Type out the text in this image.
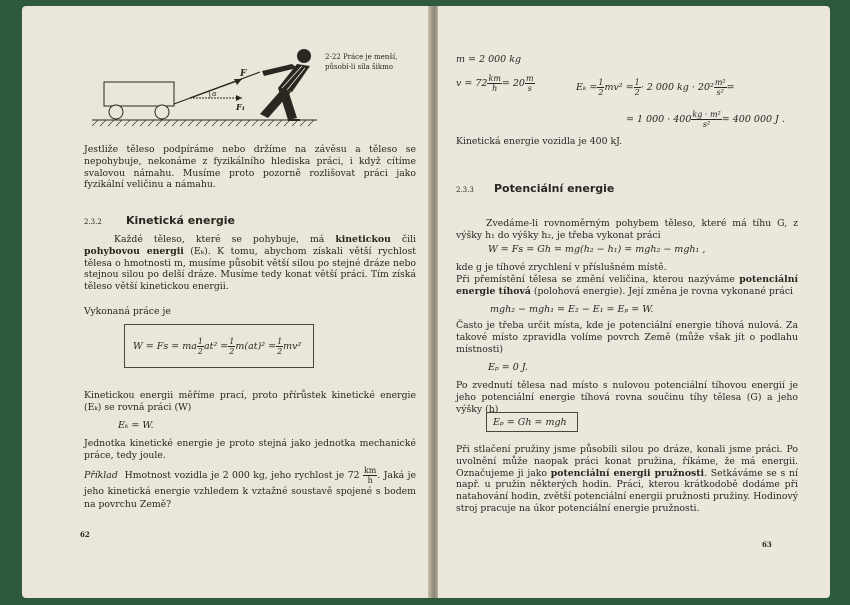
F
α
F₁
2-22 Práce je menší, působí-li síla šikmo
Jestliže těleso podpíráme nebo držíme na závěsu a těleso se nepohybuje, nekonáme z fyzikálního hlediska práci, i když cítíme svalovou námahu. Musíme proto pozorně rozlišovat práci jako fyzikální veličinu a námahu.
2.3.2 Kinetická energie
Každé těleso, které se pohybuje, má kinetickou čili pohybovou energii (Eₖ). K tomu, abychom získali větší rychlost tělesa o hmotnosti m, musíme působit větší silou po stejné dráze nebo stejnou silou po delší dráze. Musíme tedy konat větší práci. Tím získá těleso větší kinetickou energii.
Vykonaná práce je
W = Fs = ma $\frac{1}{2} at^2 = \frac{1}{2} m(at)^2 = \frac{1}{2} mv^2$
Kinetickou energii měříme prací, proto přírůstek kinetické energie (Eₖ) se rovná práci (W)
Eₖ = W.
Jednotka kinetické energie je proto stejná jako jednotka mechanické práce, tedy joule.
Příklad Hmotnost vozidla je 2 000 kg, jeho rychlost je $72 \frac{km}{h}$ . Jaká je jeho kinetická energie vzhledem k vztažné soustavě spojené s bodem na povrchu Země?
62
m = 2 000 kg
$v = 72 \frac{km}{h} = 20 \frac{m}{s}$	$E_k = \frac{1}{2} mv^2 = \frac{1}{2} \cdot 2$ 000 kg · $20^2 \frac{\text{m²}}{\text{s²}}$ =
= 1 $000 \cdot 400 \frac{\text{kg · m²}}{\text{s²}} = 400$ 000 J .
Kinetická energie vozidla je 400 kJ.
2.3.3 Potenciální energie
Zvedáme-li rovnoměrným pohybem těleso, které má tíhu G, z výšky h₁ do výšky h₂, je třeba vykonat práci
W = Fs = Gh = mg(h₂ − h₁) = mgh₂ − mgh₁ ,
kde g je tíhové zrychlení v příslušném místě.
Při přemístění tělesa se změní veličina, kterou nazýváme potenciální energie tíhová (polohová energie). Její změna je rovna vykonané práci
mgh₂ − mgh₁ = E₂ − E₁ = Eₚ = W.
Často je třeba určit místa, kde je potenciální energie tíhová nulová. Za takové místo zpravidla volíme povrch Země (může však jít o podlahu místnosti)
Eₚ = 0 J.
Po zvednutí tělesa nad místo s nulovou potenciální tíhovou energií je jeho potenciální energie tíhová rovna součinu tíhy tělesa (G) a jeho výšky (h)
Eₚ = Gh = mgh
Při stlačení pružiny jsme působili silou po dráze, konali jsme práci. Po uvolnění může naopak práci konat pružina, říkáme, že má energii. Označujeme ji jako potenciální energii pružnosti. Setkáváme se s ní např. u pružin některých hodin. Práci, kterou krátkodobě dodáme při natahování hodin, zvětší potenciální energii pružnosti pružiny. Hodinový stroj pracuje na úkor potenciální energie pružnosti.
63
